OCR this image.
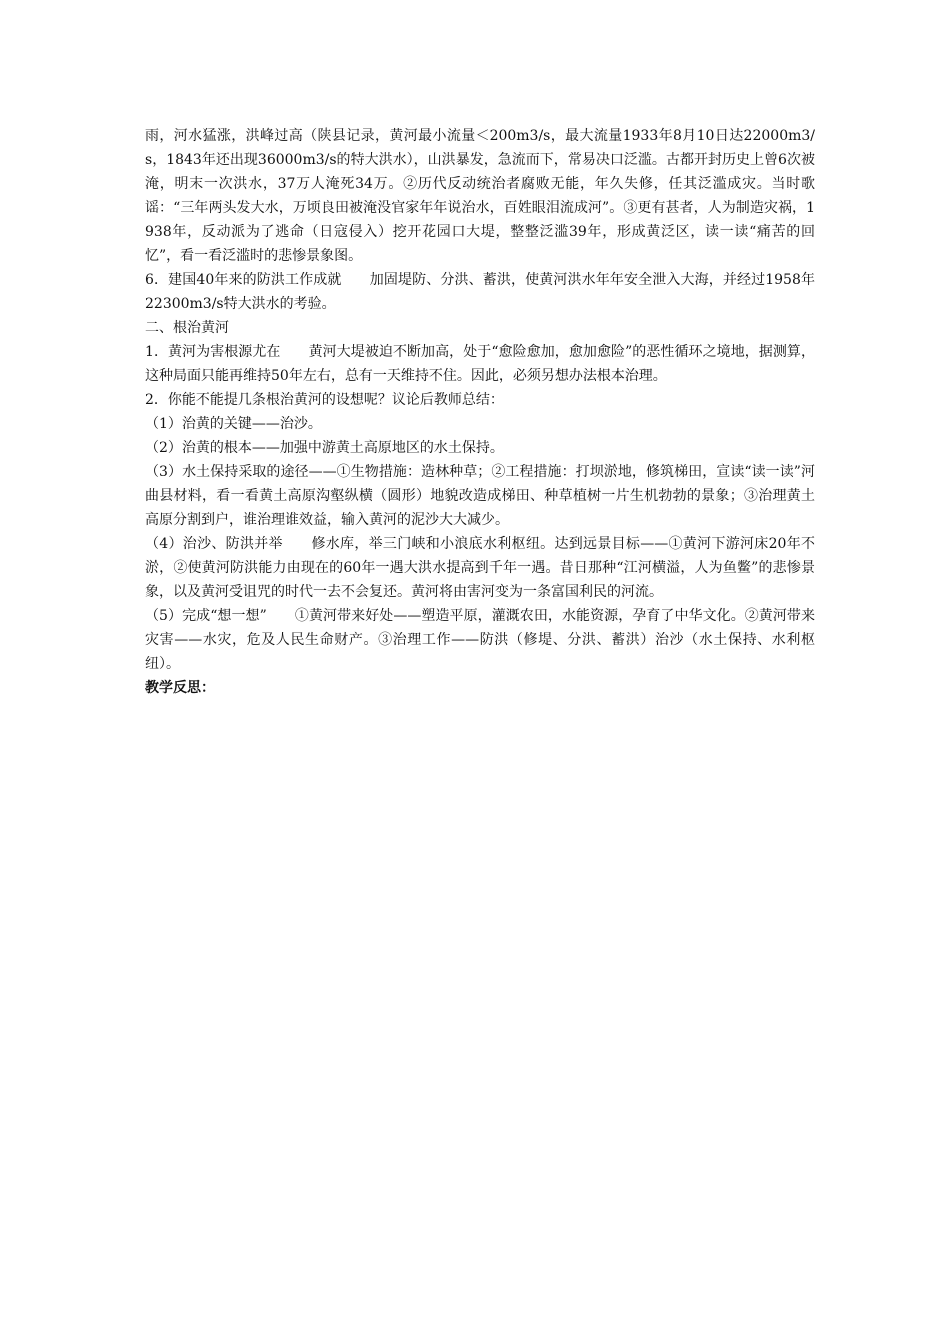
雨，河水猛涨，洪峰过高（陕县记录，黄河最小流量＜200m3/s，最大流量1933年8月10日达22000m3/s，1843年还出现36000m3/s的特大洪水），山洪暴发，急流而下，常易决口泛滥。古都开封历史上曾6次被淹，明末一次洪水，37万人淹死34万。②历代反动统治者腐败无能，年久失修，任其泛滥成灾。当时歌谣：“三年两头发大水，万顷良田被淹没官家年年说治水，百姓眼泪流成河”。③更有甚者，人为制造灾祸，1938年，反动派为了逃命（日寇侵入）挖开花园口大堤，整整泛滥39年，形成黄泛区，读一读“痛苦的回忆”，看一看泛滥时的悲惨景象图。

6．建国40年来的防洪工作成就　　加固堤防、分洪、蓄洪，使黄河洪水年年安全泄入大海，并经过1958年22300m3/s特大洪水的考验。

二、根治黄河

1．黄河为害根源尤在　　黄河大堤被迫不断加高，处于“愈险愈加，愈加愈险”的恶性循环之境地，据测算，这种局面只能再维持50年左右，总有一天维持不住。因此，必须另想办法根本治理。

2．你能不能提几条根治黄河的设想呢？议论后教师总结：

（1）治黄的关键——治沙。

（2）治黄的根本——加强中游黄土高原地区的水土保持。

（3）水土保持采取的途径——①生物措施：造林种草；②工程措施：打坝淤地，修筑梯田，宣读“读一读”河曲县材料，看一看黄土高原沟壑纵横（圆形）地貌改造成梯田、种草植树一片生机勃勃的景象；③治理黄土高原分割到户，谁治理谁效益，输入黄河的泥沙大大减少。

（4）治沙、防洪并举　　修水库，举三门峡和小浪底水利枢纽。达到远景目标——①黄河下游河床20年不淤，②使黄河防洪能力由现在的60年一遇大洪水提高到千年一遇。昔日那种“江河横溢，人为鱼鳖”的悲惨景象，以及黄河受诅咒的时代一去不会复还。黄河将由害河变为一条富国利民的河流。

（5）完成“想一想”　　①黄河带来好处——塑造平原，灌溉农田，水能资源，孕育了中华文化。②黄河带来灾害——水灾，危及人民生命财产。③治理工作——防洪（修堤、分洪、蓄洪）治沙（水土保持、水利枢纽）。

教学反思：
